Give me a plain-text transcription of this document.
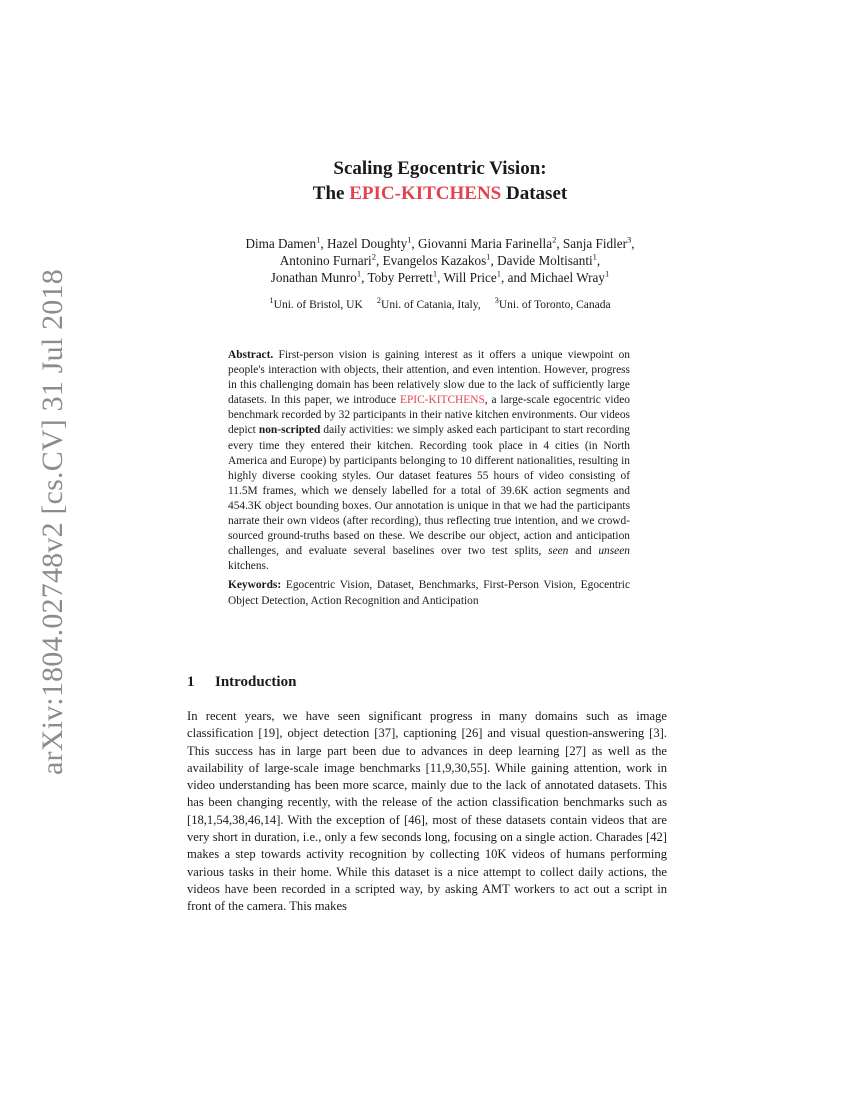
arXiv:1804.02748v2 [cs.CV] 31 Jul 2018
Scaling Egocentric Vision:
The EPIC-KITCHENS Dataset
Dima Damen$^1$, Hazel Doughty$^1$, Giovanni Maria Farinella$^2$, Sanja Fidler$^3$,
Antonino Furnari$^2$, Evangelos Kazakos$^1$, Davide Moltisanti$^1$,
Jonathan Munro$^1$, Toby Perrett$^1$, Will Price$^1$, and Michael Wray$^1$
$^1$Uni. of Bristol, UK $^2$Uni. of Catania, Italy, $^3$Uni. of Toronto, Canada

Abstract. First-person vision is gaining interest as it offers a unique viewpoint on people's interaction with objects, their attention, and even intention. However, progress in this challenging domain has been relatively slow due to the lack of sufficiently large datasets. In this paper, we introduce EPIC-KITCHENS, a large-scale egocentric video benchmark recorded by 32 participants in their native kitchen environments. Our videos depict non-scripted daily activities: we simply asked each participant to start recording every time they entered their kitchen. Recording took place in 4 cities (in North America and Europe) by participants belonging to 10 different nationalities, resulting in highly diverse cooking styles. Our dataset features 55 hours of video consisting of 11.5M frames, which we densely labelled for a total of 39.6K action segments and 454.3K object bounding boxes. Our annotation is unique in that we had the participants narrate their own videos (after recording), thus reflecting true intention, and we crowd-sourced ground-truths based on these. We describe our object, action and anticipation challenges, and evaluate several baselines over two test splits, seen and unseen kitchens.

Keywords: Egocentric Vision, Dataset, Benchmarks, First-Person Vision, Egocentric Object Detection, Action Recognition and Anticipation

1 Introduction

In recent years, we have seen significant progress in many domains such as image classification [19], object detection [37], captioning [26] and visual question-answering [3]. This success has in large part been due to advances in deep learning [27] as well as the availability of large-scale image benchmarks [11,9,30,55]. While gaining attention, work in video understanding has been more scarce, mainly due to the lack of annotated datasets. This has been changing recently, with the release of the action classification benchmarks such as [18,1,54,38,46,14]. With the exception of [46], most of these datasets contain videos that are very short in duration, i.e., only a few seconds long, focusing on a single action. Charades [42] makes a step towards activity recognition by collecting 10K videos of humans performing various tasks in their home. While this dataset is a nice attempt to collect daily actions, the videos have been recorded in a scripted way, by asking AMT workers to act out a script in front of the camera. This makes
